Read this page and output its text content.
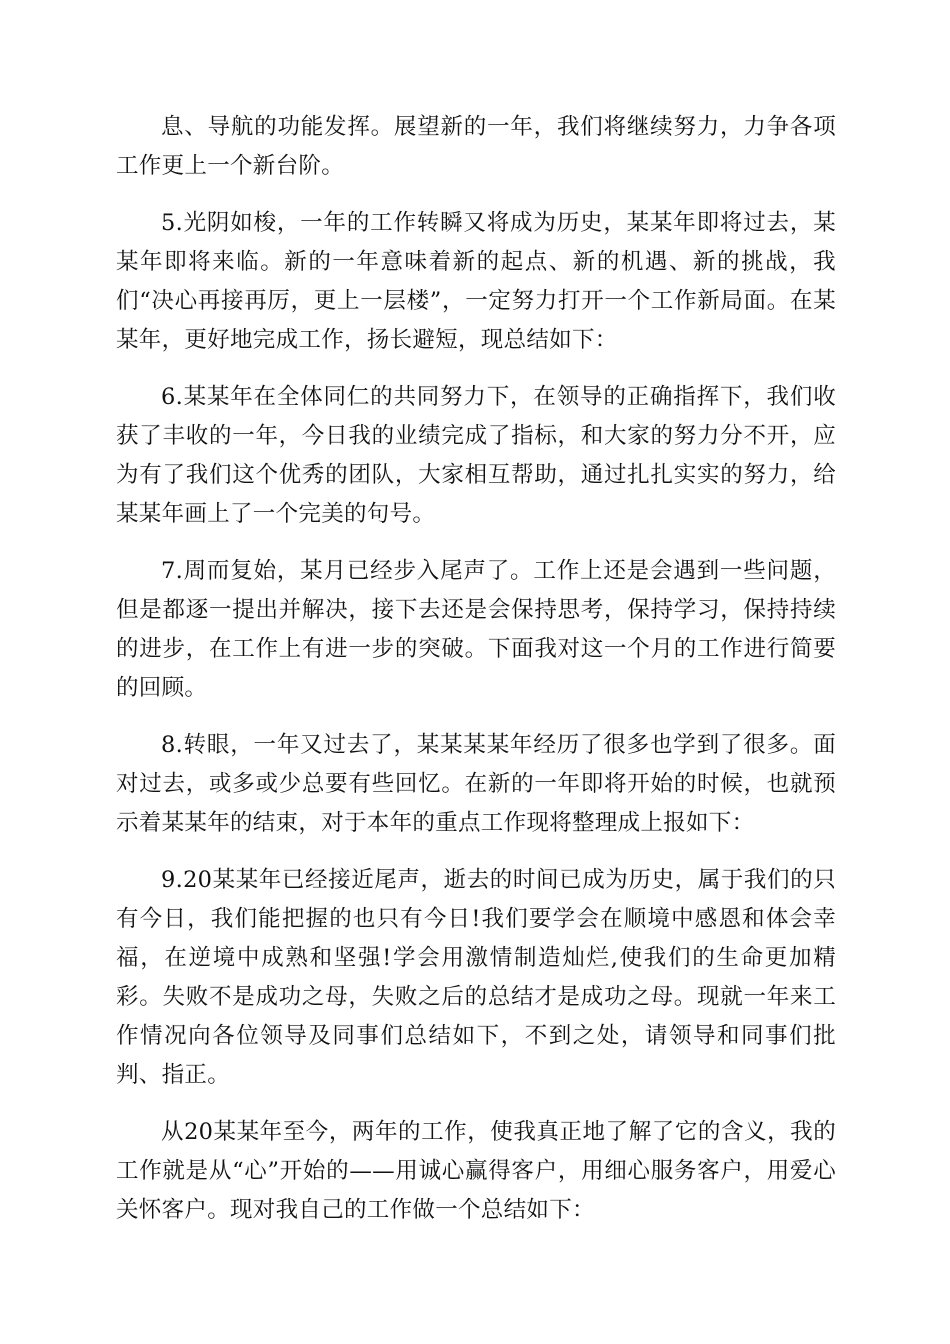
息、导航的功能发挥。展望新的一年，我们将继续努力，力争各项工作更上一个新台阶。

5.光阴如梭，一年的工作转瞬又将成为历史，某某年即将过去，某某年即将来临。新的一年意味着新的起点、新的机遇、新的挑战，我们“决心再接再厉，更上一层楼”，一定努力打开一个工作新局面。在某某年，更好地完成工作，扬长避短，现总结如下：

6.某某年在全体同仁的共同努力下，在领导的正确指挥下，我们收获了丰收的一年，今日我的业绩完成了指标，和大家的努力分不开，应为有了我们这个优秀的团队，大家相互帮助，通过扎扎实实的努力，给某某年画上了一个完美的句号。

7.周而复始，某月已经步入尾声了。工作上还是会遇到一些问题，但是都逐一提出并解决，接下去还是会保持思考，保持学习，保持持续的进步，在工作上有进一步的突破。下面我对这一个月的工作进行简要的回顾。

8.转眼，一年又过去了，某某某某年经历了很多也学到了很多。面对过去，或多或少总要有些回忆。在新的一年即将开始的时候，也就预示着某某年的结束，对于本年的重点工作现将整理成上报如下：

9.20某某年已经接近尾声，逝去的时间已成为历史，属于我们的只有今日，我们能把握的也只有今日!我们要学会在顺境中感恩和体会幸福，在逆境中成熟和坚强!学会用激情制造灿烂,使我们的生命更加精彩。失败不是成功之母，失败之后的总结才是成功之母。现就一年来工作情况向各位领导及同事们总结如下，不到之处，请领导和同事们批判、指正。

从20某某年至今，两年的工作，使我真正地了解了它的含义，我的工作就是从“心”开始的——用诚心赢得客户，用细心服务客户，用爱心关怀客户。现对我自己的工作做一个总结如下：
